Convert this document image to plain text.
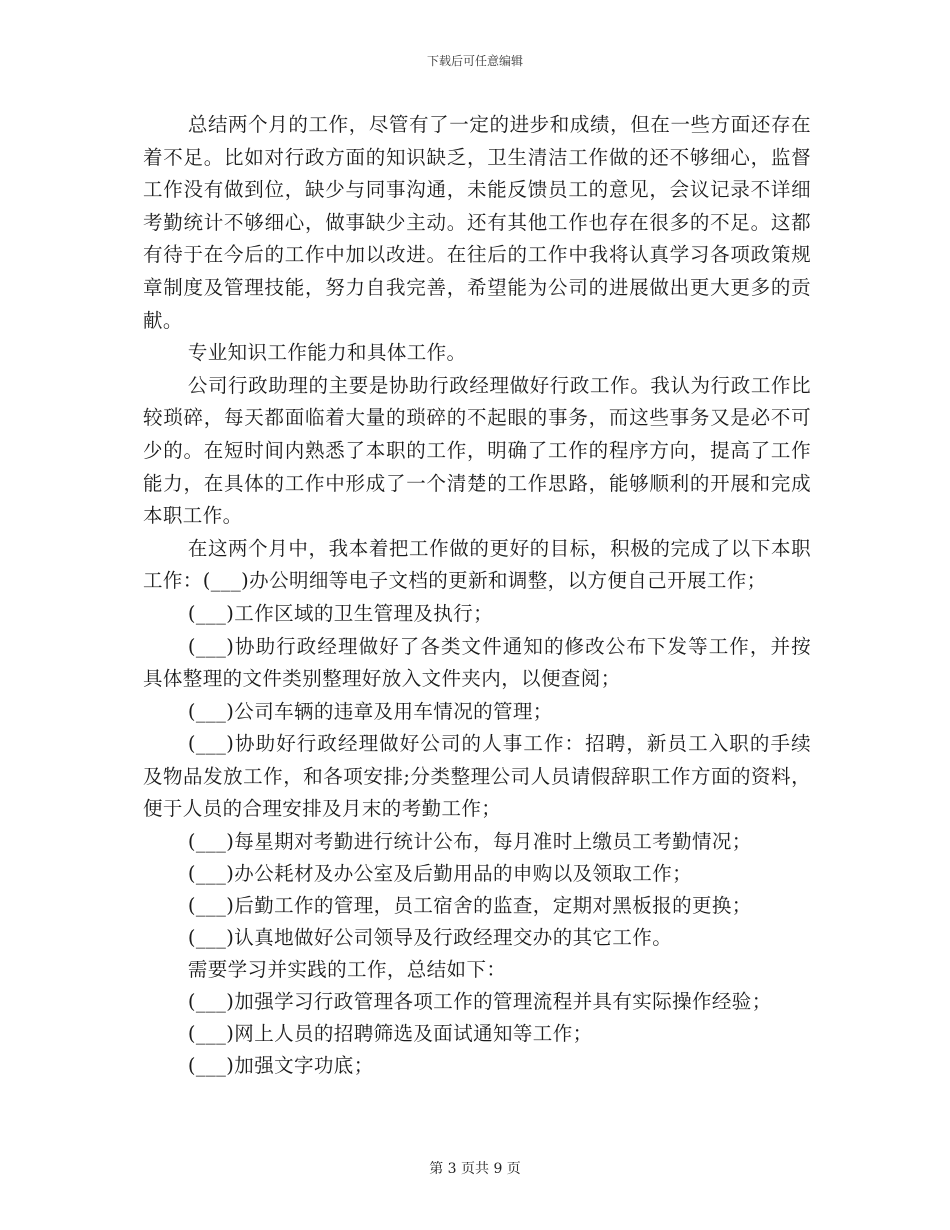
下载后可任意编辑

总结两个月的工作，尽管有了一定的进步和成绩，但在一些方面还存在着不足。比如对行政方面的知识缺乏，卫生清洁工作做的还不够细心，监督工作没有做到位，缺少与同事沟通，未能反馈员工的意见，会议记录不详细考勤统计不够细心，做事缺少主动。还有其他工作也存在很多的不足。这都有待于在今后的工作中加以改进。在往后的工作中我将认真学习各项政策规章制度及管理技能，努力自我完善，希望能为公司的进展做出更大更多的贡献。

专业知识工作能力和具体工作。

公司行政助理的主要是协助行政经理做好行政工作。我认为行政工作比较琐碎，每天都面临着大量的琐碎的不起眼的事务，而这些事务又是必不可少的。在短时间内熟悉了本职的工作，明确了工作的程序方向，提高了工作能力，在具体的工作中形成了一个清楚的工作思路，能够顺利的开展和完成本职工作。

在这两个月中，我本着把工作做的更好的目标，积极的完成了以下本职工作：(___)办公明细等电子文档的更新和调整，以方便自己开展工作；

(___)工作区域的卫生管理及执行；

(___)协助行政经理做好了各类文件通知的修改公布下发等工作，并按具体整理的文件类别整理好放入文件夹内，以便查阅；

(___)公司车辆的违章及用车情况的管理；

(___)协助好行政经理做好公司的人事工作：招聘，新员工入职的手续及物品发放工作，和各项安排;分类整理公司人员请假辞职工作方面的资料，便于人员的合理安排及月末的考勤工作；

(___)每星期对考勤进行统计公布，每月准时上缴员工考勤情况；

(___)办公耗材及办公室及后勤用品的申购以及领取工作；

(___)后勤工作的管理，员工宿舍的监查，定期对黑板报的更换；

(___)认真地做好公司领导及行政经理交办的其它工作。

需要学习并实践的工作，总结如下：

(___)加强学习行政管理各项工作的管理流程并具有实际操作经验；

(___)网上人员的招聘筛选及面试通知等工作；

(___)加强文字功底；

第 3 页共 9 页
